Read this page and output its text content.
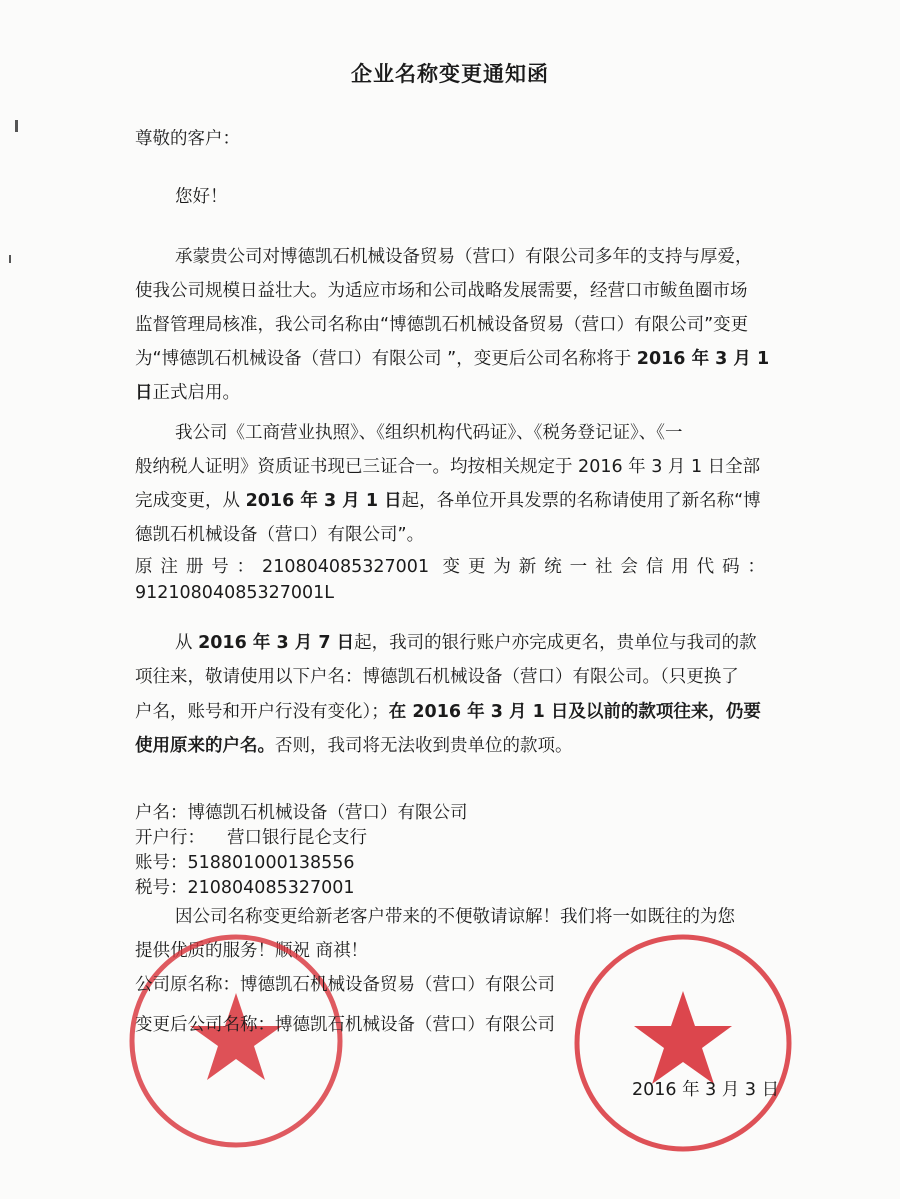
企业名称变更通知函
尊敬的客户：
您好！
承蒙贵公司对博德凯石机械设备贸易（营口）有限公司多年的支持与厚爱，
使我公司规模日益壮大。为适应市场和公司战略发展需要，经营口市鲅鱼圈市场
监督管理局核准，我公司名称由“博德凯石机械设备贸易（营口）有限公司”变更
为“博德凯石机械设备（营口）有限公司 ”，变更后公司名称将于 2016 年 3 月 1
日正式启用。
我公司《工商营业执照》、《组织机构代码证》、《税务登记证》、《一
般纳税人证明》资质证书现已三证合一。均按相关规定于 2016 年 3 月 1 日全部
完成变更，从 2016 年 3 月 1 日起，各单位开具发票的名称请使用了新名称“博
德凯石机械设备（营口）有限公司”。
原注册号：210804085327001 变更为新统一社会信用代码：
91210804085327001L
从 2016 年 3 月 7 日起，我司的银行账户亦完成更名，贵单位与我司的款
项往来，敬请使用以下户名：博德凯石机械设备（营口）有限公司。（只更换了
户名，账号和开户行没有变化）；在 2016 年 3 月 1 日及以前的款项往来，仍要
使用原来的户名。否则，我司将无法收到贵单位的款项。
户名：博德凯石机械设备（营口）有限公司
开户行： 营口银行昆仑支行
账号：518801000138556
税号：210804085327001
因公司名称变更给新老客户带来的不便敬请谅解！我们将一如既往的为您
提供优质的服务！顺祝 商祺！
公司原名称：博德凯石机械设备贸易（营口）有限公司
变更后公司名称：博德凯石机械设备（营口）有限公司
2016 年 3 月 3 日
